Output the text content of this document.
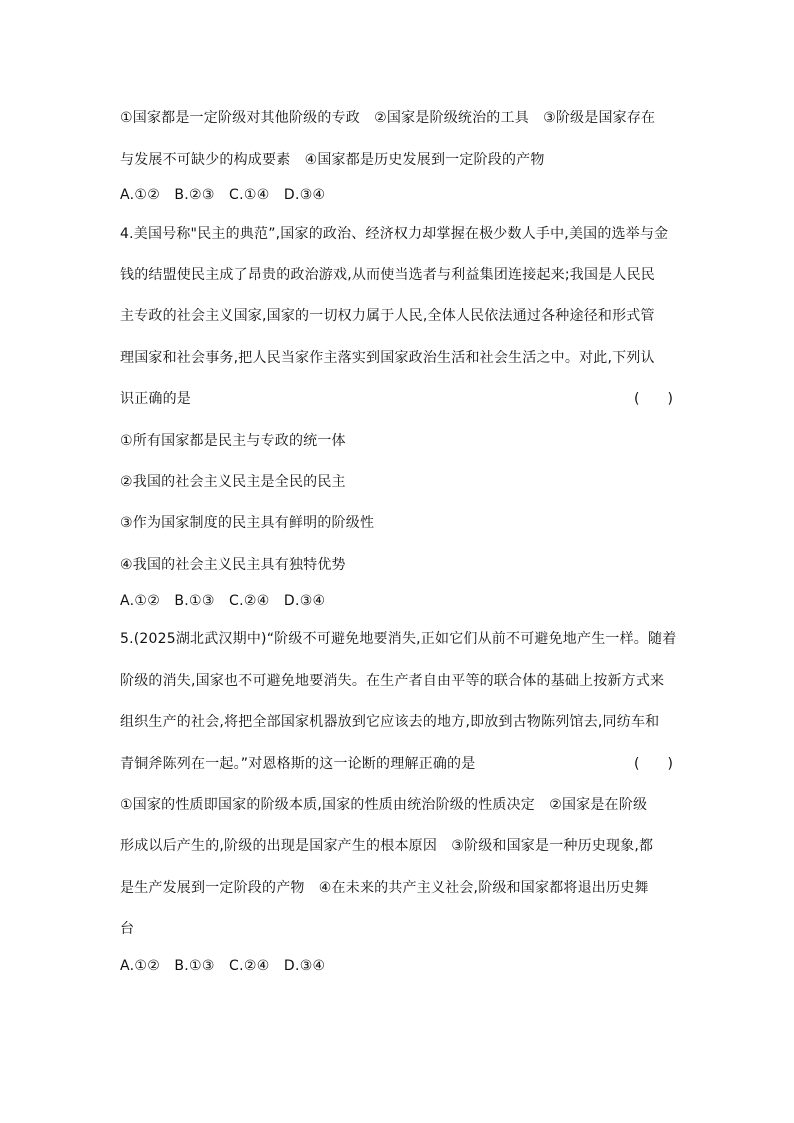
①国家都是一定阶级对其他阶级的专政　②国家是阶级统治的工具　③阶级是国家存在
与发展不可缺少的构成要素　④国家都是历史发展到一定阶段的产物
A.①②　B.②③　C.①④　D.③④
4.美国号称"民主的典范”,国家的政治、经济权力却掌握在极少数人手中,美国的选举与金
钱的结盟使民主成了昂贵的政治游戏,从而使当选者与利益集团连接起来;我国是人民民
主专政的社会主义国家,国家的一切权力属于人民,全体人民依法通过各种途径和形式管
理国家和社会事务,把人民当家作主落实到国家政治生活和社会生活之中。对此,下列认
识正确的是	(　　)
①所有国家都是民主与专政的统一体
②我国的社会主义民主是全民的民主
③作为国家制度的民主具有鲜明的阶级性
④我国的社会主义民主具有独特优势
A.①②　B.①③　C.②④　D.③④
5.(2025湖北武汉期中)“阶级不可避免地要消失,正如它们从前不可避免地产生一样。随着
阶级的消失,国家也不可避免地要消失。在生产者自由平等的联合体的基础上按新方式来
组织生产的社会,将把全部国家机器放到它应该去的地方,即放到古物陈列馆去,同纺车和
青铜斧陈列在一起。”对恩格斯的这一论断的理解正确的是	(　　)
①国家的性质即国家的阶级本质,国家的性质由统治阶级的性质决定　②国家是在阶级
形成以后产生的,阶级的出现是国家产生的根本原因　③阶级和国家是一种历史现象,都
是生产发展到一定阶段的产物　④在未来的共产主义社会,阶级和国家都将退出历史舞
台
A.①②　B.①③　C.②④　D.③④
